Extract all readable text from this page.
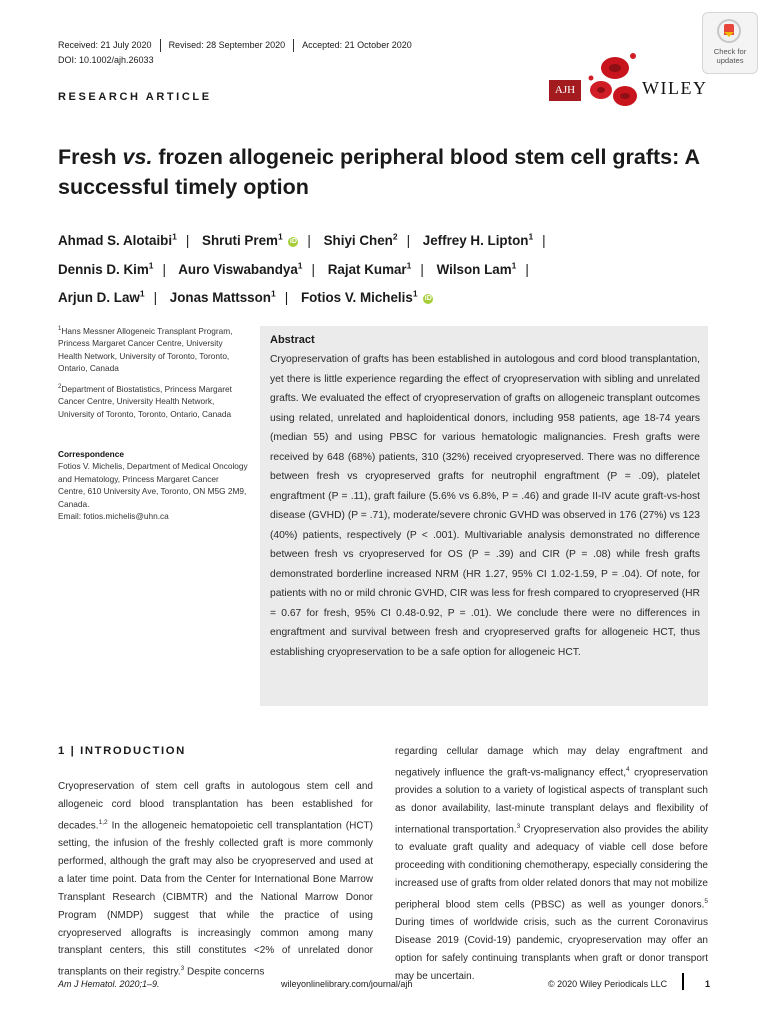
Received: 21 July 2020	Revised: 28 September 2020	Accepted: 21 October 2020
DOI: 10.1002/ajh.26033
RESEARCH ARTICLE
Check for updates
AJH	WILEY
Fresh vs. frozen allogeneic peripheral blood stem cell grafts: A successful timely option
Ahmad S. Alotaibi$^1$ | Shruti Prem$^1$ iD | Shiyi Chen$^2$ | Jeffrey H. Lipton$^1$ |
Dennis D. Kim$^1$ | Auro Viswabandya$^1$ | Rajat Kumar$^1$ | Wilson Lam$^1$ |
Arjun D. Law$^1$ | Jonas Mattsson$^1$ | Fotios V. Michelis$^1$ iD
$^1$Hans Messner Allogeneic Transplant Program, Princess Margaret Cancer Centre, University Health Network, University of Toronto, Toronto, Ontario, Canada
$^2$Department of Biostatistics, Princess Margaret Cancer Centre, University Health Network, University of Toronto, Toronto, Ontario, Canada
Correspondence
Fotios V. Michelis, Department of Medical Oncology and Hematology, Princess Margaret Cancer Centre, 610 University Ave, Toronto, ON M5G 2M9, Canada.
Email: fotios.michelis@uhn.ca
Abstract
Cryopreservation of grafts has been established in autologous and cord blood transplantation, yet there is little experience regarding the effect of cryopreservation with sibling and unrelated grafts. We evaluated the effect of cryopreservation of grafts on allogeneic transplant outcomes using related, unrelated and haploidentical donors, including 958 patients, age 18-74 years (median 55) and using PBSC for various hematologic malignancies. Fresh grafts were received by 648 (68%) patients, 310 (32%) received cryopreserved. There was no difference between fresh vs cryopreserved grafts for neutrophil engraftment (P = .09), platelet engraftment (P = .11), graft failure (5.6% vs 6.8%, P = .46) and grade II-IV acute graft-vs-host disease (GVHD) (P = .71), moderate/severe chronic GVHD was observed in 176 (27%) vs 123 (40%) patients, respectively (P < .001). Multivariable analysis demonstrated no difference between fresh vs cryopreserved for OS (P = .39) and CIR (P = .08) while fresh grafts demonstrated borderline increased NRM (HR 1.27, 95% CI 1.02-1.59, P = .04). Of note, for patients with no or mild chronic GVHD, CIR was less for fresh compared to cryopreserved (HR = 0.67 for fresh, 95% CI 0.48-0.92, P = .01). We conclude there were no differences in engraftment and survival between fresh and cryopreserved grafts for allogeneic HCT, thus establishing cryopreservation to be a safe option for allogeneic HCT.
1 | INTRODUCTION
Cryopreservation of stem cell grafts in autologous stem cell and allogeneic cord blood transplantation has been established for decades.$^{1,2}$ In the allogeneic hematopoietic cell transplantation (HCT) setting, the infusion of the freshly collected graft is more commonly performed, although the graft may also be cryopreserved and used at a later time point. Data from the Center for International Bone Marrow Transplant Research (CIBMTR) and the National Marrow Donor Program (NMDP) suggest that while the practice of using cryopreserved allografts is increasingly common among many transplant centers, this still constitutes <2% of unrelated donor transplants on their registry.$^3$ Despite concerns
regarding cellular damage which may delay engraftment and negatively influence the graft-vs-malignancy effect,$^4$ cryopreservation provides a solution to a variety of logistical aspects of transplant such as donor availability, last-minute transplant delays and flexibility of international transportation.$^3$ Cryopreservation also provides the ability to evaluate graft quality and adequacy of viable cell dose before proceeding with conditioning chemotherapy, especially considering the increased use of grafts from older related donors that may not mobilize peripheral blood stem cells (PBSC) as well as younger donors.$^5$ During times of worldwide crisis, such as the current Coronavirus Disease 2019 (Covid-19) pandemic, cryopreservation may offer an option for safely continuing transplants when graft or donor transport may be uncertain.
Am J Hematol. 2020;1–9.	wileyonlinelibrary.com/journal/ajh	© 2020 Wiley Periodicals LLC	1
